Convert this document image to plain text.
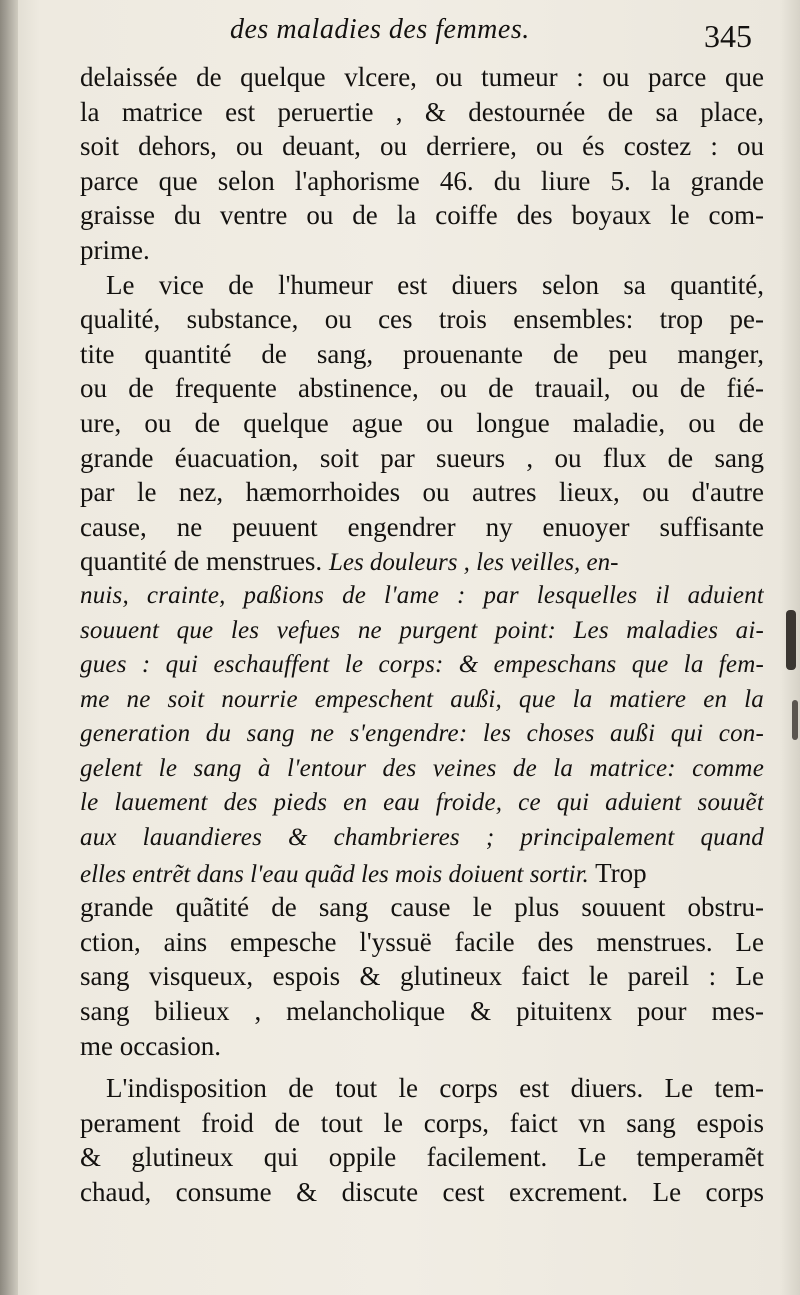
des maladies des femmes.	345
delaissée de quelque vlcere, ou tumeur : ou parce que
la matrice est peruertie , & destournée de sa place,
soit dehors, ou deuant, ou derriere, ou és costez : ou
parce que selon l'aphorisme 46. du liure 5. la grande
graisse du ventre ou de la coiffe des boyaux le com-
prime.
Le vice de l'humeur est diuers selon sa quantité,
qualité, substance, ou ces trois ensembles: trop pe-
tite quantité de sang, prouenante de peu manger,
ou de frequente abstinence, ou de trauail, ou de fié-
ure, ou de quelque ague ou longue maladie, ou de
grande éuacuation, soit par sueurs , ou flux de sang
par le nez, hæmorrhoides ou autres lieux, ou d'autre
cause, ne peuuent engendrer ny enuoyer suffisante
quantité de menstrues. Les douleurs , les veilles, en-
nuis, crainte, paßions de l'ame : par lesquelles il aduient
souuent que les vefues ne purgent point: Les maladies ai-
gues : qui eschauffent le corps: & empeschans que la fem-
me ne soit nourrie empeschent außi, que la matiere en la
generation du sang ne s'engendre: les choses außi qui con-
gelent le sang à l'entour des veines de la matrice: comme
le lauement des pieds en eau froide, ce qui aduient souuẽt
aux lauandieres & chambrieres ; principalement quand
elles entrẽt dans l'eau quãd les mois doiuent sortir. Trop
grande quãtité de sang cause le plus souuent obstru-
ction, ains empesche l'yssuë facile des menstrues. Le
sang visqueux, espois & glutineux faict le pareil : Le
sang bilieux , melancholique & pituitenx pour mes-
me occasion.
L'indisposition de tout le corps est diuers. Le tem-
perament froid de tout le corps, faict vn sang espois
& glutineux qui oppile facilement. Le temperamẽt
chaud, consume & discute cest excrement. Le corps
